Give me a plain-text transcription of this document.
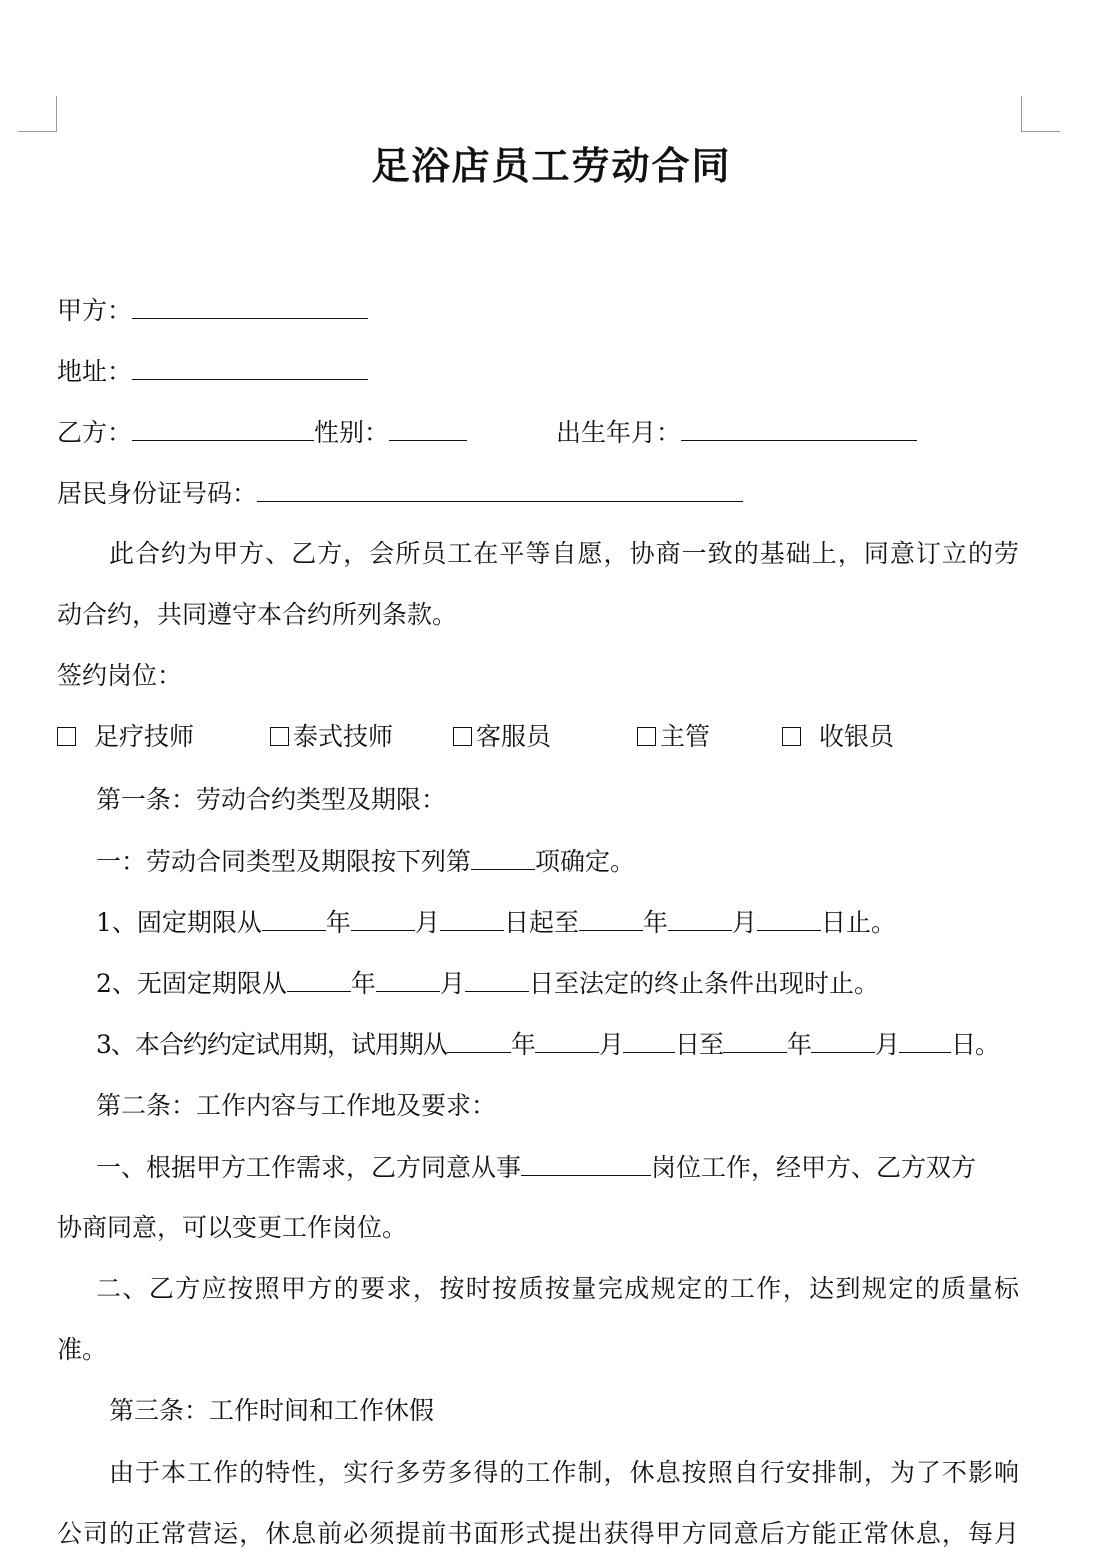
足浴店员工劳动合同
甲方：
地址：
乙方：	性别：	出生年月：
居民身份证号码：
此合约为甲方、乙方，会所员工在平等自愿，协商一致的基础上，同意订立的劳
动合约，共同遵守本合约所列条款。
签约岗位：
足疗技师	泰式技师	客服员	主管	收银员
第一条：劳动合约类型及期限：
一：劳动合同类型及期限按下列第	项确定。
1、固定期限从	年	月	日起至	年	月	日止。
2、无固定期限从	年	月	日至法定的终止条件出现时止。
3、本合约约定试用期，试用期从	年	月 日至	年	月 日。
第二条：工作内容与工作地及要求：
一、根据甲方工作需求，乙方同意从事	岗位工作，经甲方、乙方双方
协商同意，可以变更工作岗位。
二、乙方应按照甲方的要求，按时按质按量完成规定的工作，达到规定的质量标
准。
第三条：工作时间和工作休假
由于本工作的特性，实行多劳多得的工作制，休息按照自行安排制，为了不影响
公司的正常营运，休息前必须提前书面形式提出获得甲方同意后方能正常休息，每月
